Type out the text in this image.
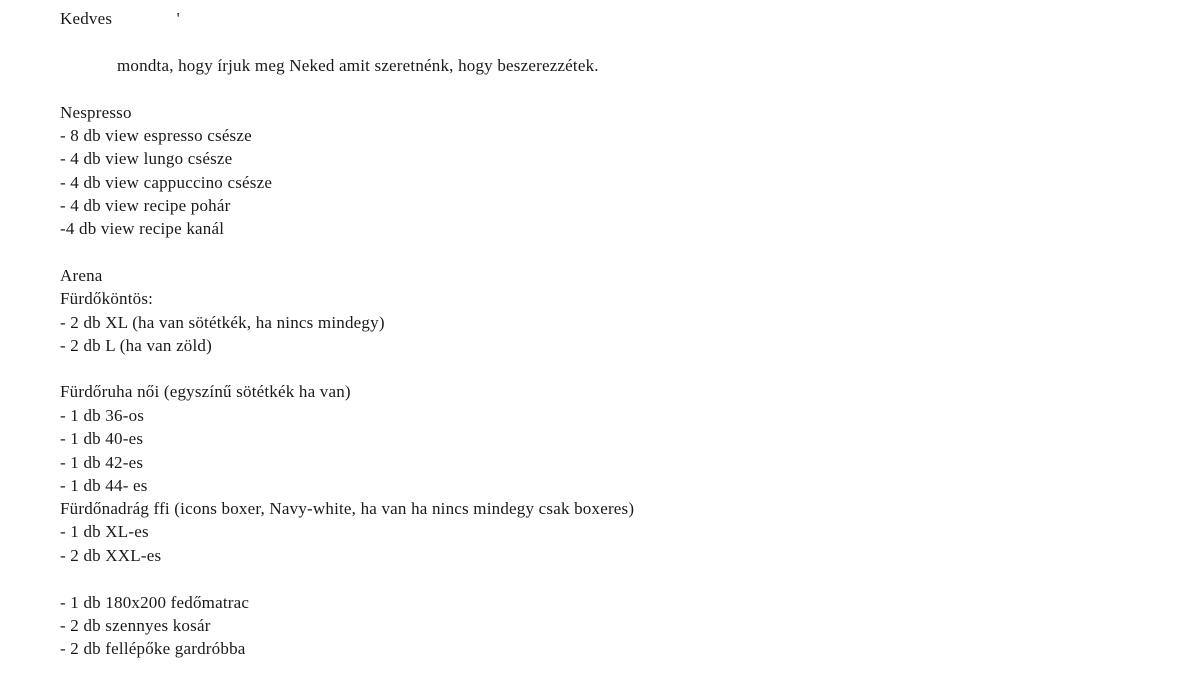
Kedves	'
mondta, hogy írjuk meg Neked amit szeretnénk, hogy beszerezzétek.
Nespresso
- 8 db view espresso csésze
- 4 db view lungo csésze
- 4 db view cappuccino csésze
- 4 db view recipe pohár
-4 db view recipe kanál
Arena
Fürdőköntös:
- 2 db XL (ha van sötétkék, ha nincs mindegy)
- 2 db L (ha van zöld)
Fürdőruha női (egyszínű sötétkék ha van)
- 1 db 36-os
- 1 db 40-es
- 1 db 42-es
- 1 db 44- es
Fürdőnadrág ffi (icons boxer, Navy-white, ha van ha nincs mindegy csak boxeres)
- 1 db XL-es
- 2 db XXL-es
- 1 db 180x200 fedőmatrac
- 2 db szennyes kosár
- 2 db fellépőke gardróbba
